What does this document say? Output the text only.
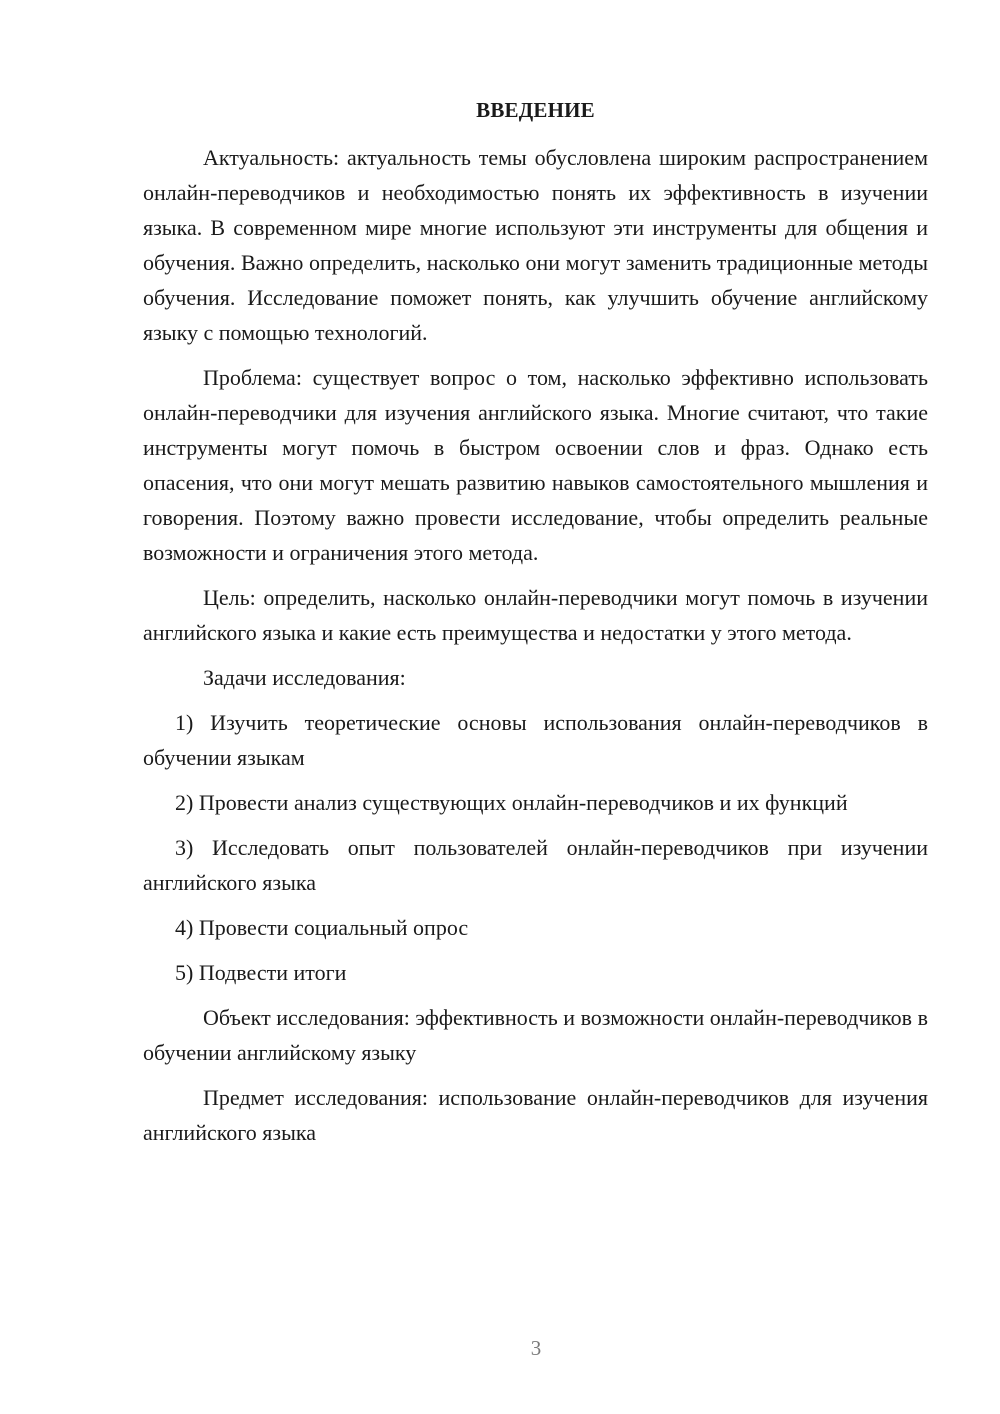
ВВЕДЕНИЕ

Актуальность: актуальность темы обусловлена широким распространением онлайн-переводчиков и необходимостью понять их эффективность в изучении языка. В современном мире многие используют эти инструменты для общения и обучения. Важно определить, насколько они могут заменить традиционные методы обучения. Исследование поможет понять, как улучшить обучение английскому языку с помощью технологий.

Проблема: существует вопрос о том, насколько эффективно использовать онлайн-переводчики для изучения английского языка. Многие считают, что такие инструменты могут помочь в быстром освоении слов и фраз. Однако есть опасения, что они могут мешать развитию навыков самостоятельного мышления и говорения. Поэтому важно провести исследование, чтобы определить реальные возможности и ограничения этого метода.

Цель: определить, насколько онлайн-переводчики могут помочь в изучении английского языка и какие есть преимущества и недостатки у этого метода.

Задачи исследования:

1) Изучить теоретические основы использования онлайн-переводчиков в обучении языкам

2) Провести анализ существующих онлайн-переводчиков и их функций

3) Исследовать опыт пользователей онлайн-переводчиков при изучении английского языка

4) Провести социальный опрос

5) Подвести итоги

Объект исследования: эффективность и возможности онлайн-переводчиков в обучении английскому языку

Предмет исследования: использование онлайн-переводчиков для изучения английского языка

3
